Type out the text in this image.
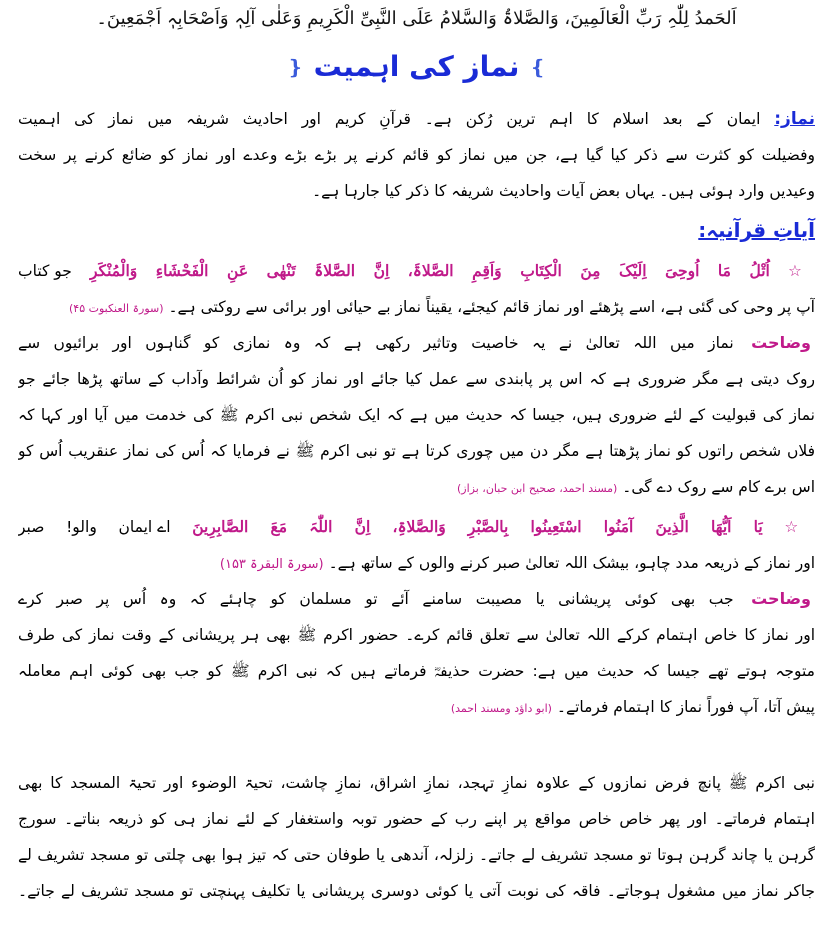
اَلحَمدُ لِلّٰہِ رَبِّ الْعَالَمِینَ، وَالصَّلاۃُ وَالسَّلامُ عَلَی النَّبِیِّ الْکَرِیمِ وَعَلٰی آلِہٖ وَاَصْحَابِہٖ اَجْمَعِینَ۔
❵
نماز کی اہمیت
❴
نماز: ایمان کے بعد اسلام کا اہم ترین رُکن ہے۔ قرآنِ کریم اور احادیث شریفہ میں نماز کی اہمیت
وفضیلت کو کثرت سے ذکر کیا گیا ہے، جن میں نماز کو قائم کرنے پر بڑے بڑے وعدے اور نماز کو ضائع کرنے پر سخت
وعیدیں وارد ہوئی ہیں۔ یہاں بعض آیات واحادیث شریفہ کا ذکر کیا جارہا ہے۔
آیاتِ قرآنیہ:
☆ اُتْلُ مَا اُوحِیَ اِلَیْکَ مِنَ الْکِتَابِ وَاَقِمِ الصَّلاۃَ، اِنَّ الصَّلاۃَ تَنْھٰی عَنِ الْفَحْشَاءِ وَالْمُنْکَرِ جو کتاب
آپ پر وحی کی گئی ہے، اسے پڑھئے اور نماز قائم کیجئے، یقیناً نماز بے حیائی اور برائی سے روکتی ہے۔ (سورۃ العنکبوت ۴۵)
وضاحت نماز میں اللہ تعالیٰ نے یہ خاصیت وتاثیر رکھی ہے کہ وہ نمازی کو گناہوں اور برائیوں سے
روک دیتی ہے مگر ضروری ہے کہ اس پر پابندی سے عمل کیا جائے اور نماز کو اُن شرائط وآداب کے ساتھ پڑھا جائے جو
نماز کی قبولیت کے لئے ضروری ہیں، جیسا کہ حدیث میں ہے کہ ایک شخص نبی اکرم ﷺ کی خدمت میں آیا اور کہا کہ
فلاں شخص راتوں کو نماز پڑھتا ہے مگر دن میں چوری کرتا ہے تو نبی اکرم ﷺ نے فرمایا کہ اُس کی نماز عنقریب اُس کو
اس برے کام سے روک دے گی۔ (مسند احمد، صحیح ابن حبان، بزاز)
☆ یَا اَیُّھَا الَّذِینَ آمَنُوا اسْتَعِینُوا بِالصَّبْرِ وَالصَّلاۃِ، اِنَّ اللّٰہَ مَعَ الصَّابِرِینَ اے ایمان والو! صبر
اور نماز کے ذریعہ مدد چاہو، بیشک اللہ تعالیٰ صبر کرنے والوں کے ساتھ ہے۔ (سورۃ البقرۃ ۱۵۳)
وضاحت جب بھی کوئی پریشانی یا مصیبت سامنے آئے تو مسلمان کو چاہئے کہ وہ اُس پر صبر کرے
اور نماز کا خاص اہتمام کرکے اللہ تعالیٰ سے تعلق قائم کرے۔ حضور اکرم ﷺ بھی ہر پریشانی کے وقت نماز کی طرف
متوجہ ہوتے تھے جیسا کہ حدیث میں ہے: حضرت حذیفہؓ فرماتے ہیں کہ نبی اکرم ﷺ کو جب بھی کوئی اہم معاملہ
پیش آتا، آپ فوراً نماز کا اہتمام فرماتے۔ (ابو داؤد ومسند احمد)
نبی اکرم ﷺ پانچ فرض نمازوں کے علاوہ نمازِ تہجد، نمازِ اشراق، نمازِ چاشت، تحیۃ الوضوء اور تحیۃ المسجد کا بھی
اہتمام فرماتے۔ اور پھر خاص خاص مواقع پر اپنے رب کے حضور توبہ واستغفار کے لئے نماز ہی کو ذریعہ بناتے۔ سورج
گرہن یا چاند گرہن ہوتا تو مسجد تشریف لے جاتے۔ زلزلہ، آندھی یا طوفان حتی کہ تیز ہوا بھی چلتی تو مسجد تشریف لے
جاکر نماز میں مشغول ہوجاتے۔ فاقہ کی نوبت آتی یا کوئی دوسری پریشانی یا تکلیف پہنچتی تو مسجد تشریف لے جاتے۔
